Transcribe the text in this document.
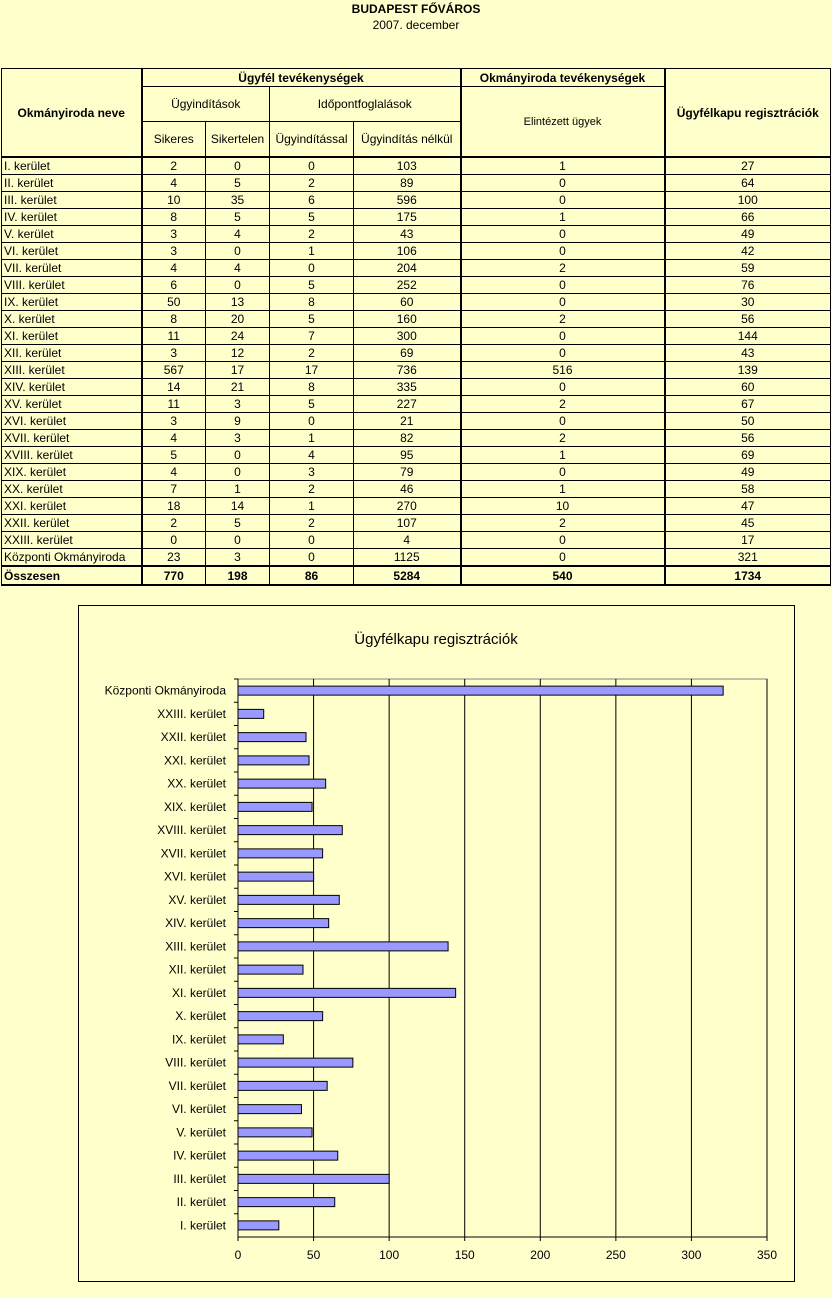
BUDAPEST FŐVÁROS
2007. december
Okmányiroda neve	Ügyfél tevékenységek				Okmányiroda tevékenységek	Ügyfélkapu regisztrációk
	Ügyindítások		Időpontfoglalások		Elintézett ügyek	
	Sikeres	Sikertelen	Ügyindítással	Ügyindítás nélkül		
I. kerület	2	0	0	103	1	27
II. kerület	4	5	2	89	0	64
III. kerület	10	35	6	596	0	100
IV. kerület	8	5	5	175	1	66
V. kerület	3	4	2	43	0	49
VI. kerület	3	0	1	106	0	42
VII. kerület	4	4	0	204	2	59
VIII. kerület	6	0	5	252	0	76
IX. kerület	50	13	8	60	0	30
X. kerület	8	20	5	160	2	56
XI. kerület	11	24	7	300	0	144
XII. kerület	3	12	2	69	0	43
XIII. kerület	567	17	17	736	516	139
XIV. kerület	14	21	8	335	0	60
XV. kerület	11	3	5	227	2	67
XVI. kerület	3	9	0	21	0	50
XVII. kerület	4	3	1	82	2	56
XVIII. kerület	5	0	4	95	1	69
XIX. kerület	4	0	3	79	0	49
XX. kerület	7	1	2	46	1	58
XXI. kerület	18	14	1	270	10	47
XXII. kerület	2	5	2	107	2	45
XXIII. kerület	0	0	0	4	0	17
Központi Okmányiroda	23	3	0	1125	0	321
Összesen	770	198	86	5284	540	1734
Ügyfélkapu regisztrációk
0	50	100	150	200	250	300	350
Központi Okmányiroda
XXIII. kerület
XXII. kerület
XXI. kerület
XX. kerület
XIX. kerület
XVIII. kerület
XVII. kerület
XVI. kerület
XV. kerület
XIV. kerület
XIII. kerület
XII. kerület
XI. kerület
X. kerület
IX. kerület
VIII. kerület
VII. kerület
VI. kerület
V. kerület
IV. kerület
III. kerület
II. kerület
I. kerület
